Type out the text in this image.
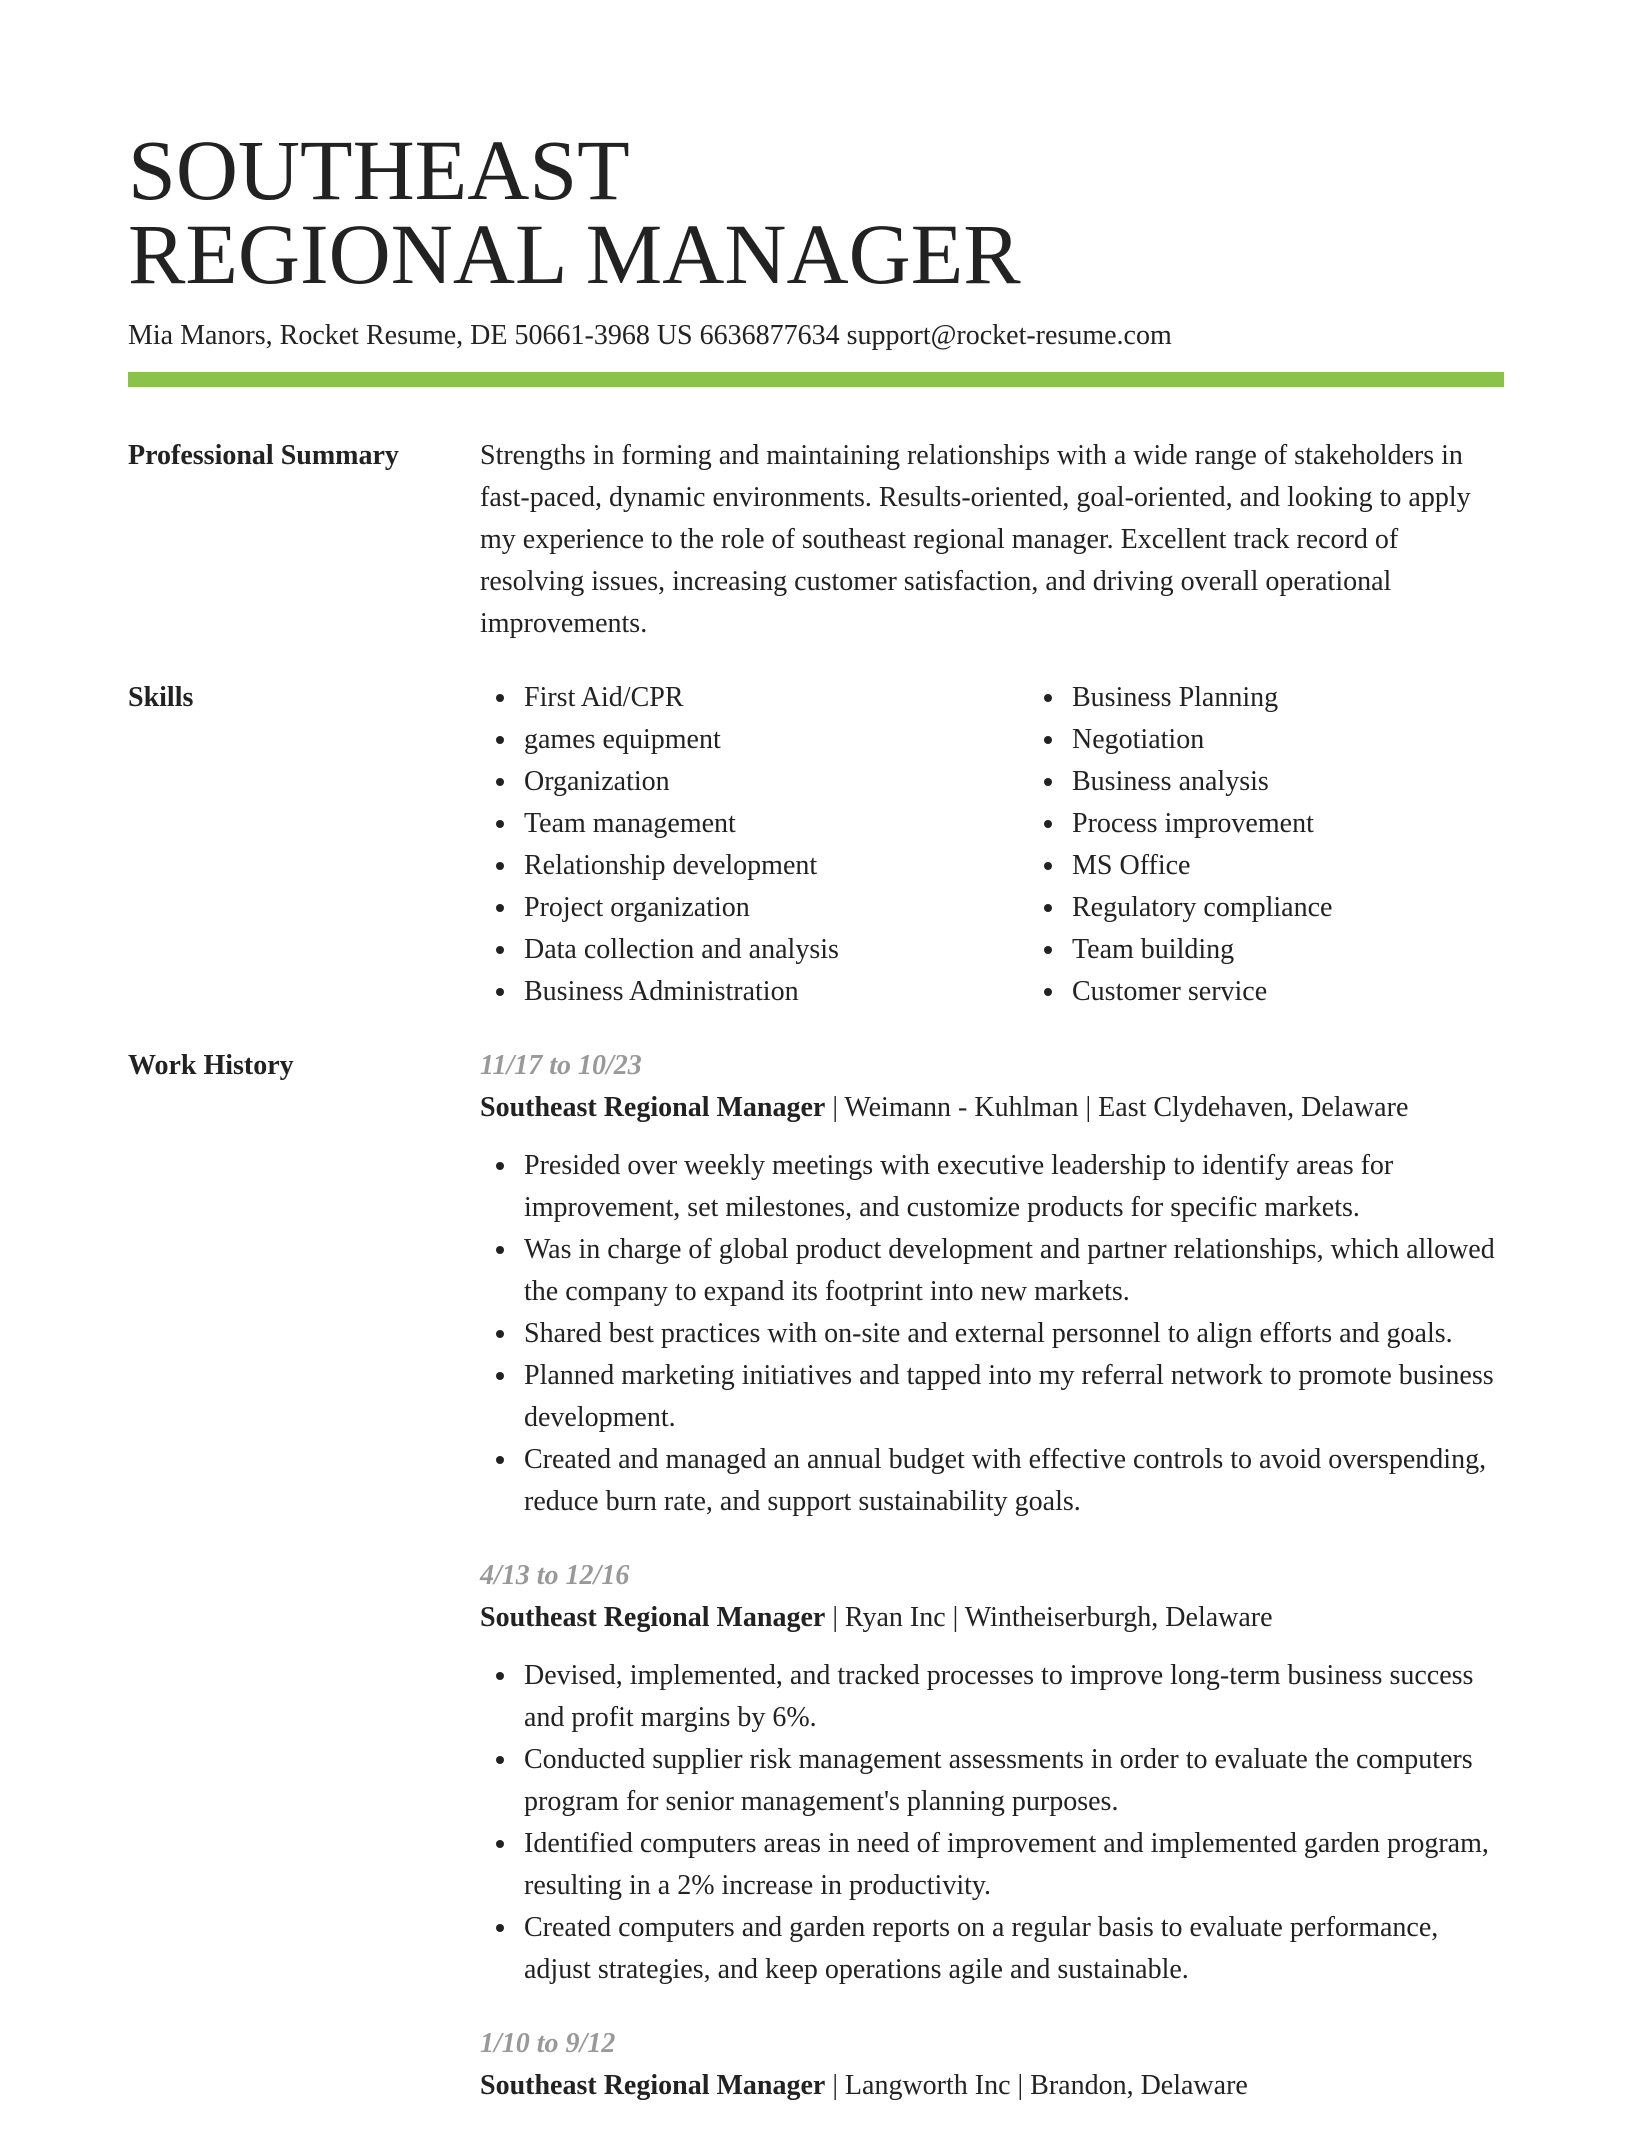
SOUTHEAST
REGIONAL MANAGER
Mia Manors, Rocket Resume, DE 50661-3968 US 6636877634 support@rocket-resume.com
Professional Summary	Strengths in forming and maintaining relationships with a wide range of stakeholders in fast-paced, dynamic environments. Results-oriented, goal-oriented, and looking to apply my experience to the role of southeast regional manager. Excellent track record of resolving issues, increasing customer satisfaction, and driving overall operational improvements.
Skills	First Aid/CPR
games equipment
Organization
Team management
Relationship development
Project organization
Data collection and analysis
Business Administration
Business Planning
Negotiation
Business analysis
Process improvement
MS Office
Regulatory compliance
Team building
Customer service
Work History	11/17 to 10/23
Southeast Regional Manager | Weimann - Kuhlman | East Clydehaven, Delaware
Presided over weekly meetings with executive leadership to identify areas for improvement, set milestones, and customize products for specific markets.
Was in charge of global product development and partner relationships, which allowed the company to expand its footprint into new markets.
Shared best practices with on-site and external personnel to align efforts and goals.
Planned marketing initiatives and tapped into my referral network to promote business development.
Created and managed an annual budget with effective controls to avoid overspending, reduce burn rate, and support sustainability goals.
4/13 to 12/16
Southeast Regional Manager | Ryan Inc | Wintheiserburgh, Delaware
Devised, implemented, and tracked processes to improve long-term business success and profit margins by 6%.
Conducted supplier risk management assessments in order to evaluate the computers program for senior management's planning purposes.
Identified computers areas in need of improvement and implemented garden program, resulting in a 2% increase in productivity.
Created computers and garden reports on a regular basis to evaluate performance, adjust strategies, and keep operations agile and sustainable.
1/10 to 9/12
Southeast Regional Manager | Langworth Inc | Brandon, Delaware
